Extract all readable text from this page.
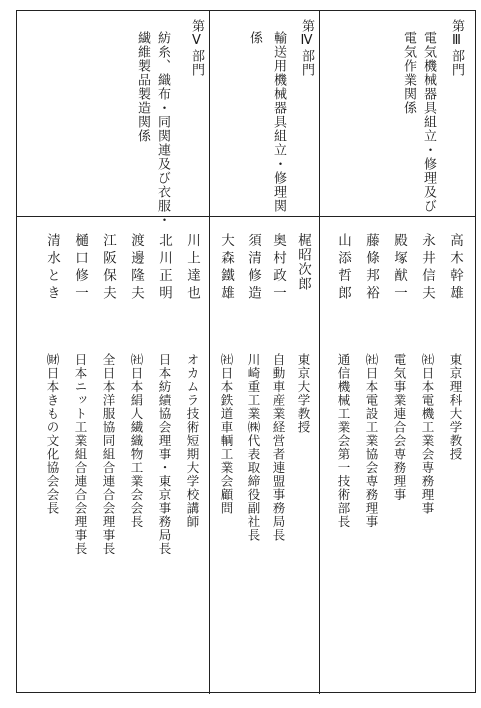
第Ⅲ部門
電気機械器具組立・修理及び
電気作業関係
第Ⅳ部門
輸送用機械器具組立・修理関
係
第Ⅴ部門
紡糸、織布・同関連及び衣服・
繊維製品製造関係
高木幹雄
東京理科大学教授
永井信夫
㈳日本電機工業会専務理事
殿塚猷一
電気事業連合会専務理事
藤條邦裕
㈳日本電設工業協会専務理事
山添哲郎
通信機械工業会第一技術部長
梶昭次郎
東京大学教授
奥村政一
自動車産業経営者連盟事務局長
須清修造
川崎重工業㈱代表取締役副社長
大森鐵雄
㈳日本鉄道車輌工業会顧問
川上達也
オカムラ技術短期大学校講師
北川正明
日本紡績協会理事・東京事務局長
渡邊隆夫
㈳日本絹人繊織物工業会会長
江阪保夫
全日本洋服協同組合連合会理事長
樋口修一
日本ニット工業組合連合会理事長
清水とき
㈶日本きもの文化協会会長
